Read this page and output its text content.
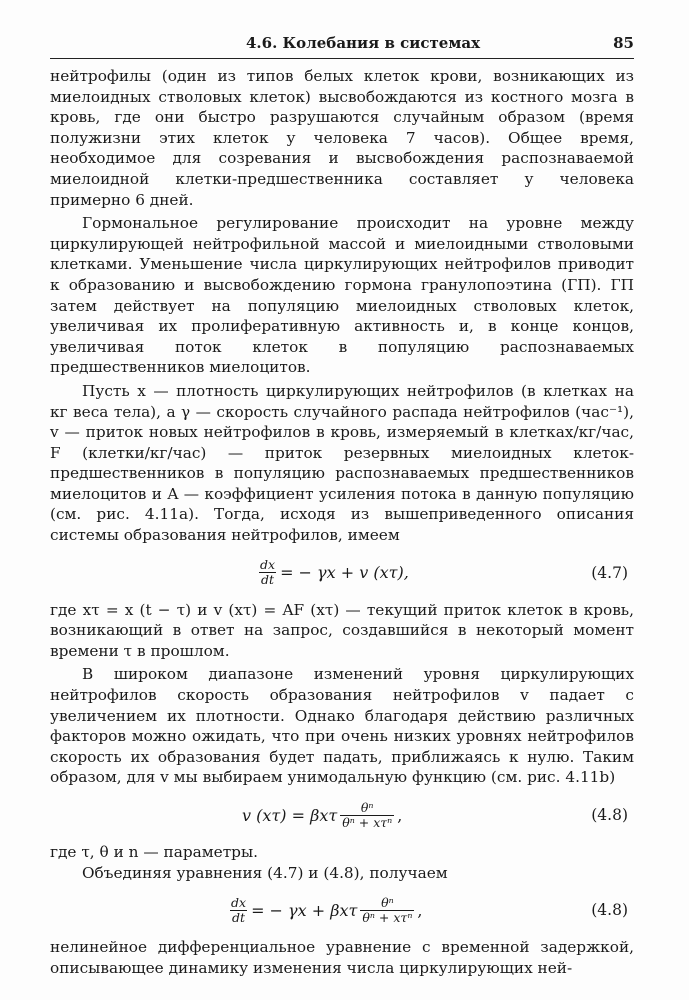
4.6. Колебания в системах	85

нейтрофилы (один из типов белых клеток крови, возникающих из миелоидных стволовых клеток) высвобождаются из костного мозга в кровь, где они быстро разрушаются случайным образом (время полужизни этих клеток у человека 7 часов). Общее время, необходимое для созревания и высвобождения распознаваемой миелоидной клетки-предшественника составляет у человека примерно 6 дней.

Гормональное регулирование происходит на уровне между циркулирующей нейтрофильной массой и миелоидными стволовыми клетками. Уменьшение числа циркулирующих нейтрофилов приводит к образованию и высвобождению гормона гранулопоэтина (ГП). ГП затем действует на популяцию миелоидных стволовых клеток, увеличивая их пролиферативную активность и, в конце концов, увеличивая поток клеток в популяцию распознаваемых предшественников миелоцитов.

Пусть x — плотность циркулирующих нейтрофилов (в клетках на кг веса тела), а γ — скорость случайного распада нейтрофилов (час⁻¹), v — приток новых нейтрофилов в кровь, измеряемый в клетках/кг/час, F (клетки/кг/час) — приток резервных миелоидных клеток-предшественников в популяцию распознаваемых предшественников миелоцитов и A — коэффициент усиления потока в данную популяцию (см. рис. 4.11а). Тогда, исходя из вышеприведенного описания системы образования нейтрофилов, имеем

$\frac{dx}{dt}$ = − γx + v (xτ),	(4.7)

где xτ = x (t − τ) и v (xτ) = AF (xτ) — текущий приток клеток в кровь, возникающий в ответ на запрос, создавшийся в некоторый момент времени τ в прошлом.

В широком диапазоне изменений уровня циркулирующих нейтрофилов скорость образования нейтрофилов v падает с увеличением их плотности. Однако благодаря действию различных факторов можно ожидать, что при очень низких уровнях нейтрофилов скорость их образования будет падать, приближаясь к нулю. Таким образом, для v мы выбираем унимодальную функцию (см. рис. 4.11b)

v (xτ) = βxτ $\frac{\text{θⁿ}}{\text{θⁿ + xτⁿ}}$ ,	(4.8)

где τ, θ и n — параметры.

Объединяя уравнения (4.7) и (4.8), получаем

$\frac{dx}{dt}$ = − γx + βxτ $\frac{\text{θⁿ}}{\text{θⁿ + xτⁿ}}$ ,	(4.8)

нелинейное дифференциальное уравнение с временной задержкой, описывающее динамику изменения числа циркулирующих ней-
